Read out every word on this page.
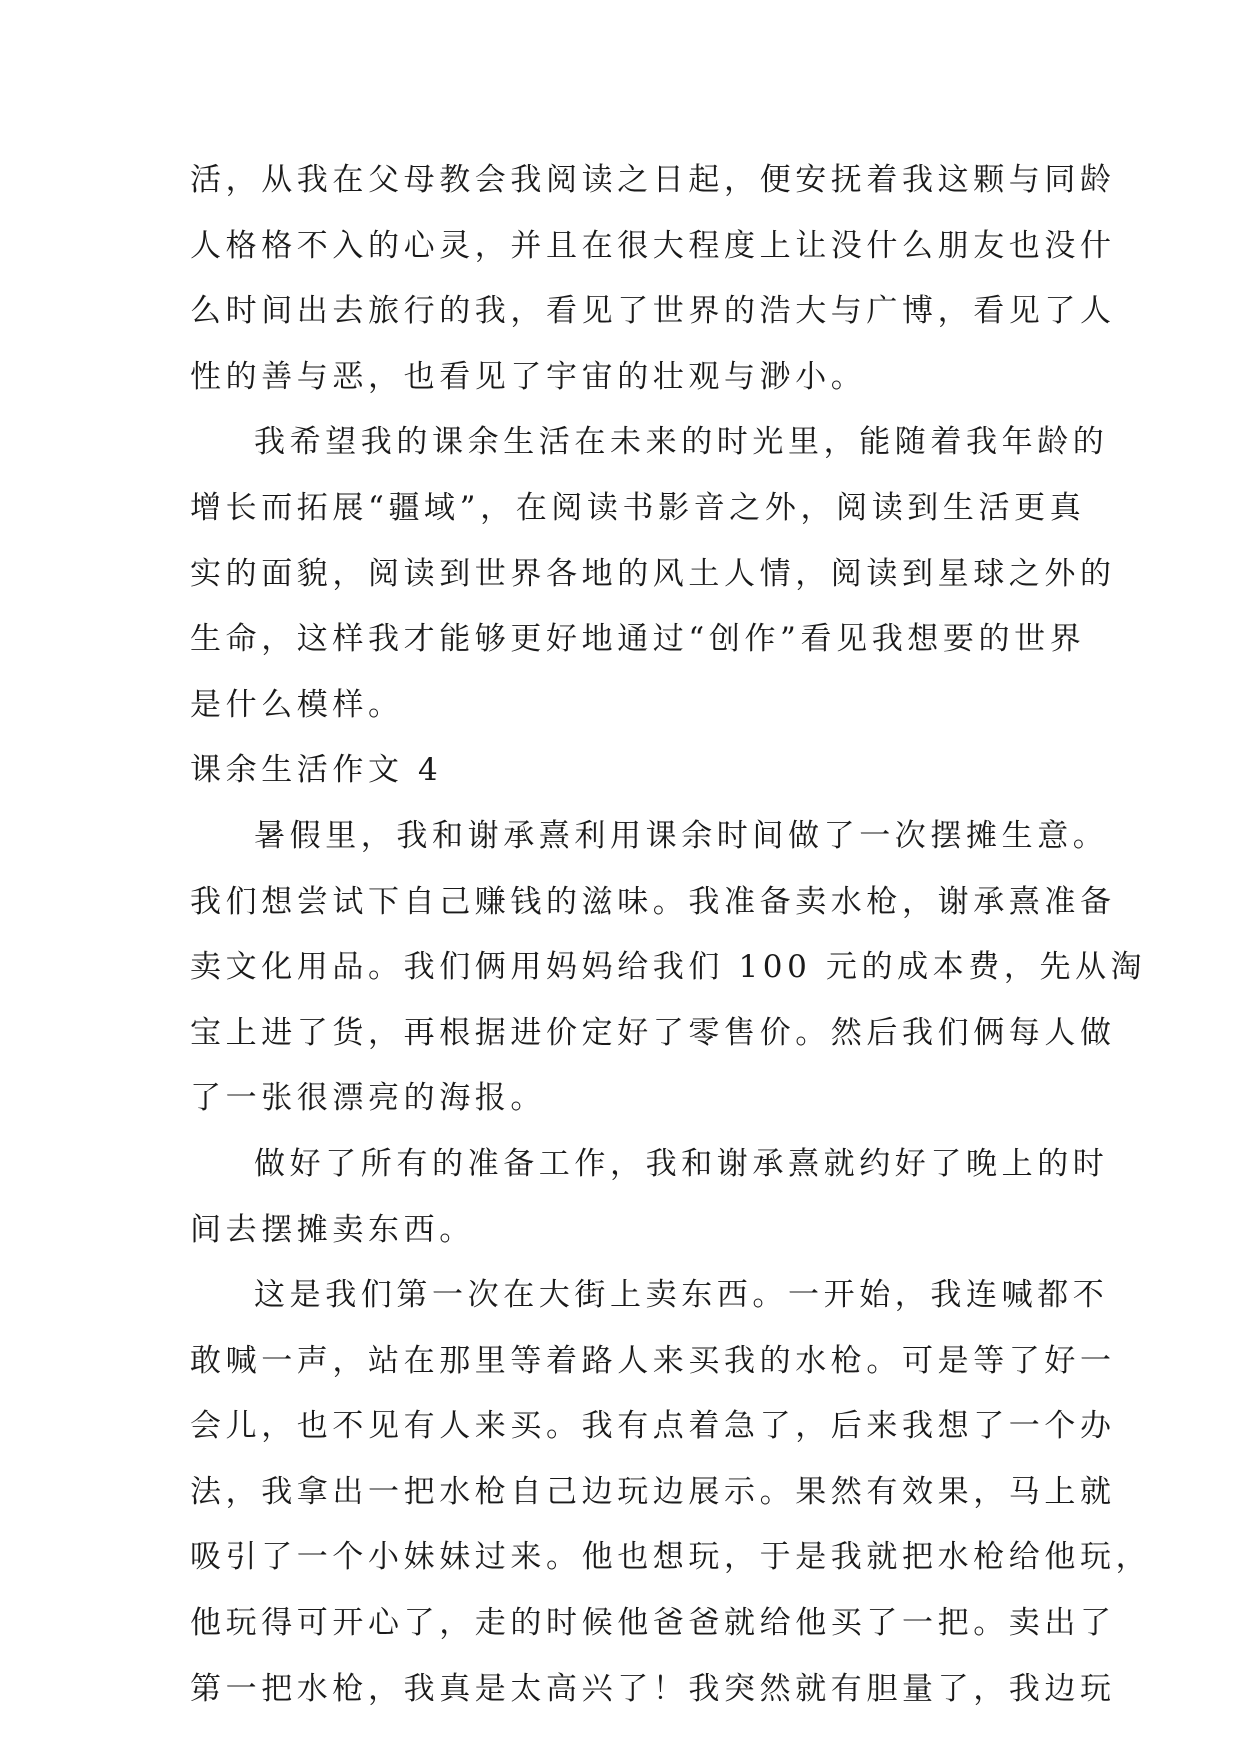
活，从我在父母教会我阅读之日起，便安抚着我这颗与同龄
人格格不入的心灵，并且在很大程度上让没什么朋友也没什
么时间出去旅行的我，看见了世界的浩大与广博，看见了人
性的善与恶，也看见了宇宙的壮观与渺小。
我希望我的课余生活在未来的时光里，能随着我年龄的
增长而拓展“疆域”，在阅读书影音之外，阅读到生活更真
实的面貌，阅读到世界各地的风土人情，阅读到星球之外的
生命，这样我才能够更好地通过“创作”看见我想要的世界
是什么模样。
课余生活作文 4
暑假里，我和谢承熹利用课余时间做了一次摆摊生意。
我们想尝试下自己赚钱的滋味。我准备卖水枪，谢承熹准备
卖文化用品。我们俩用妈妈给我们 100 元的成本费，先从淘
宝上进了货，再根据进价定好了零售价。然后我们俩每人做
了一张很漂亮的海报。
做好了所有的准备工作，我和谢承熹就约好了晚上的时
间去摆摊卖东西。
这是我们第一次在大街上卖东西。一开始，我连喊都不
敢喊一声，站在那里等着路人来买我的水枪。可是等了好一
会儿，也不见有人来买。我有点着急了，后来我想了一个办
法，我拿出一把水枪自己边玩边展示。果然有效果，马上就
吸引了一个小妹妹过来。他也想玩，于是我就把水枪给他玩，
他玩得可开心了，走的时候他爸爸就给他买了一把。卖出了
第一把水枪，我真是太高兴了！我突然就有胆量了，我边玩
